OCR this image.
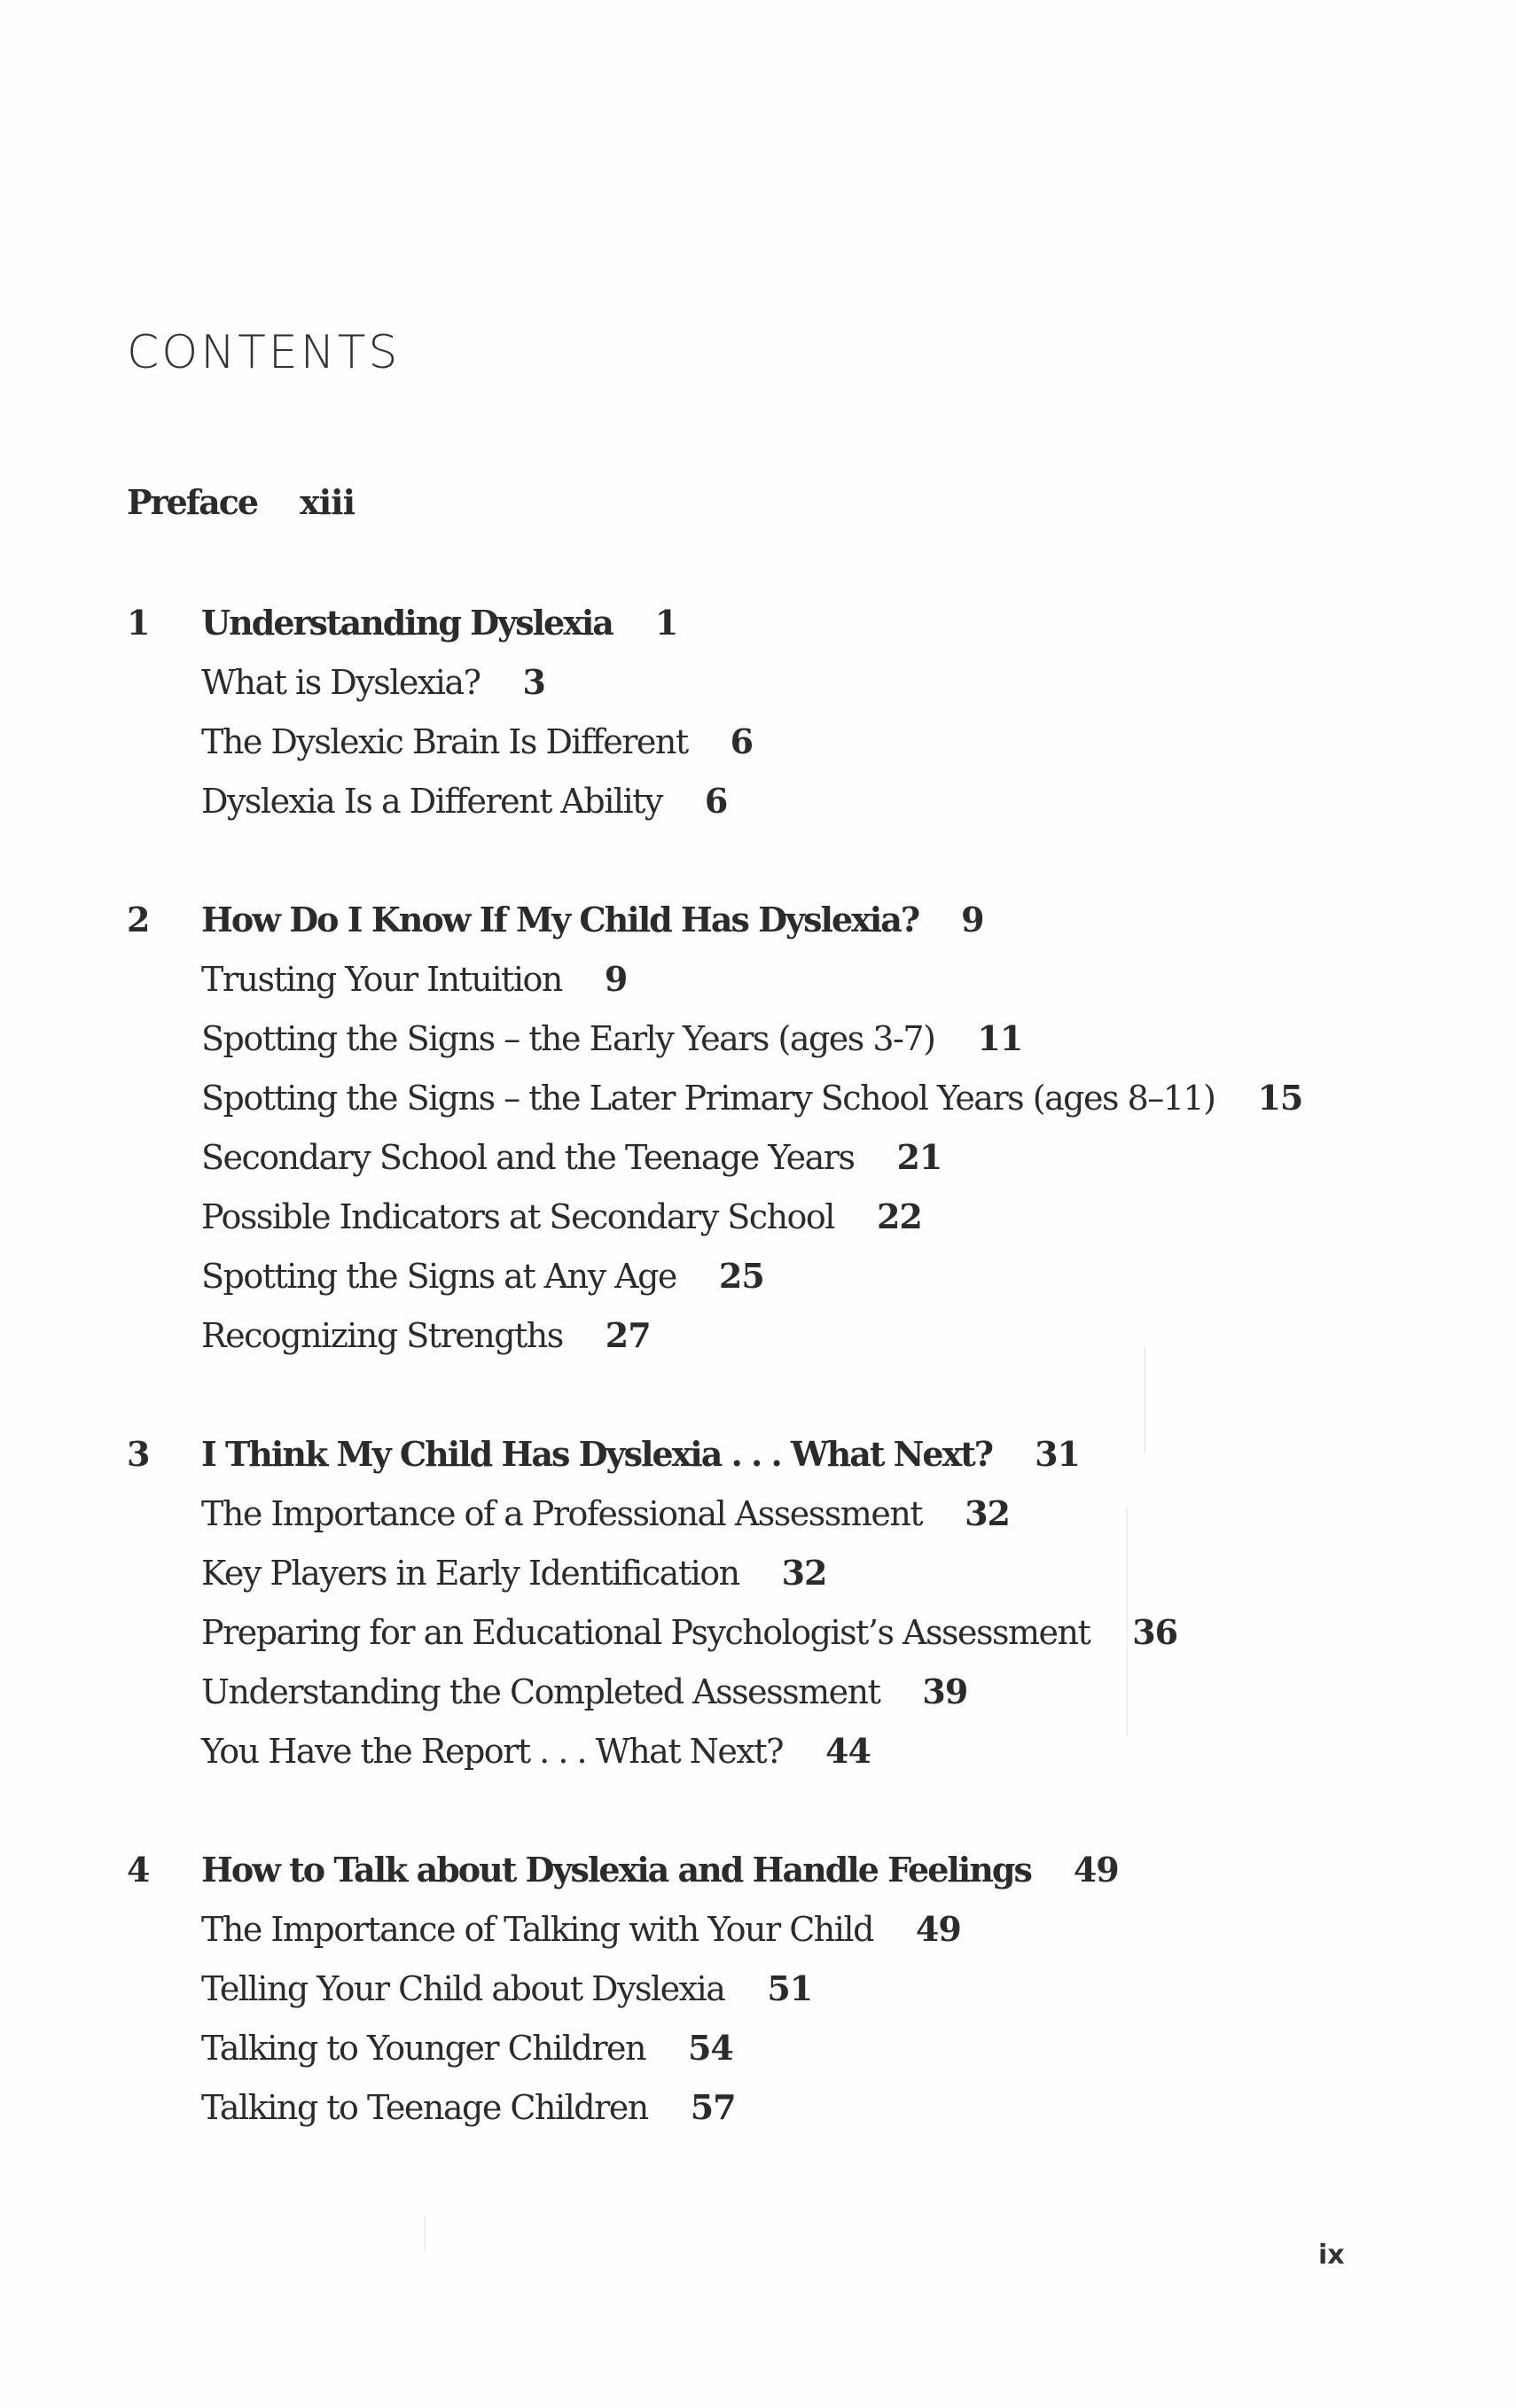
CONTENTS
Preface xiii
1 Understanding Dyslexia 1
What is Dyslexia? 3
The Dyslexic Brain Is Different 6
Dyslexia Is a Different Ability 6
2 How Do I Know If My Child Has Dyslexia? 9
Trusting Your Intuition 9
Spotting the Signs – the Early Years (ages 3-7) 11
Spotting the Signs – the Later Primary School Years (ages 8–11) 15
Secondary School and the Teenage Years 21
Possible Indicators at Secondary School 22
Spotting the Signs at Any Age 25
Recognizing Strengths 27
3 I Think My Child Has Dyslexia . . . What Next? 31
The Importance of a Professional Assessment 32
Key Players in Early Identification 32
Preparing for an Educational Psychologist’s Assessment 36
Understanding the Completed Assessment 39
You Have the Report . . . What Next? 44
4 How to Talk about Dyslexia and Handle Feelings 49
The Importance of Talking with Your Child 49
Telling Your Child about Dyslexia 51
Talking to Younger Children 54
Talking to Teenage Children 57
ix
